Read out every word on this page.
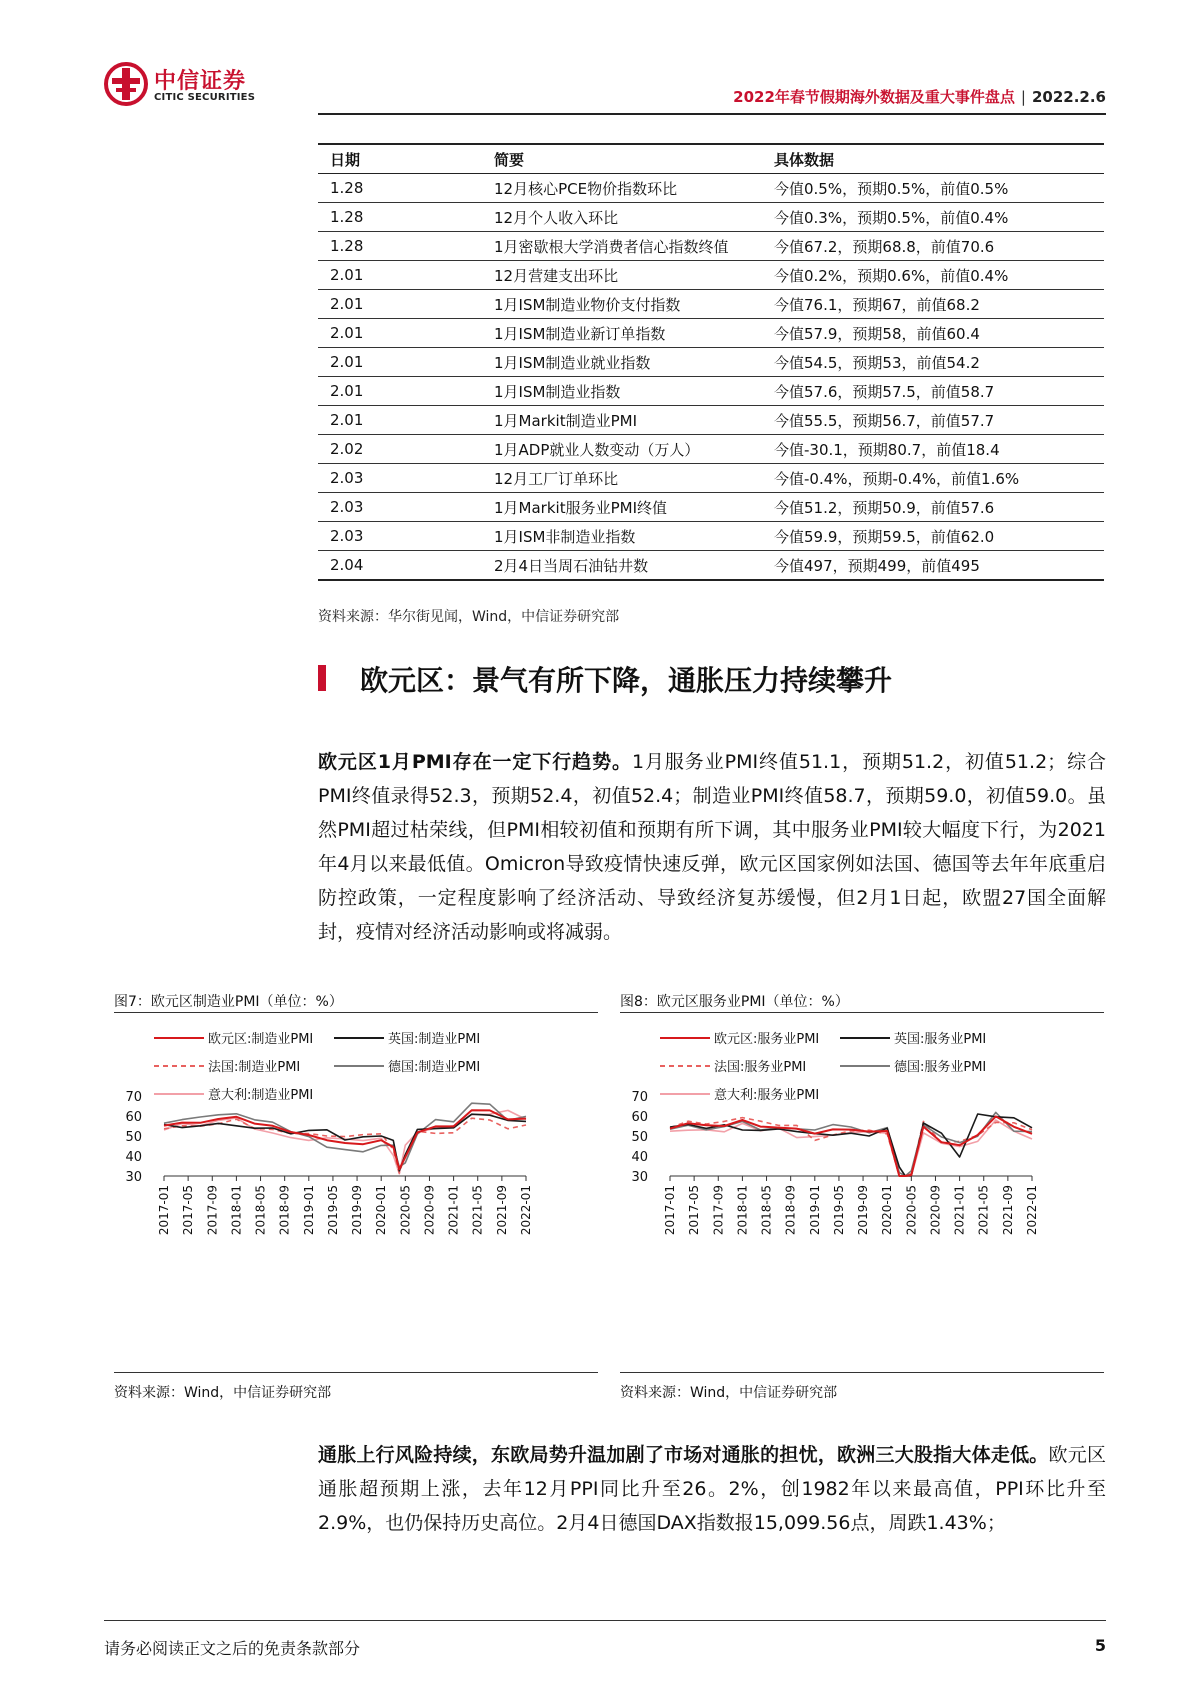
中信证券
CITIC SECURITIES	2022年春节假期海外数据及重大事件盘点 | 2022.2.6
日期	简要	具体数据
1.28	12月核心PCE物价指数环比	今值0.5%，预期0.5%，前值0.5%
1.28	12月个人收入环比	今值0.3%，预期0.5%，前值0.4%
1.28	1月密歇根大学消费者信心指数终值	今值67.2，预期68.8，前值70.6
2.01	12月营建支出环比	今值0.2%，预期0.6%，前值0.4%
2.01	1月ISM制造业物价支付指数	今值76.1，预期67，前值68.2
2.01	1月ISM制造业新订单指数	今值57.9，预期58，前值60.4
2.01	1月ISM制造业就业指数	今值54.5，预期53，前值54.2
2.01	1月ISM制造业指数	今值57.6，预期57.5，前值58.7
2.01	1月Markit制造业PMI	今值55.5，预期56.7，前值57.7
2.02	1月ADP就业人数变动（万人）	今值-30.1，预期80.7，前值18.4
2.03	12月工厂订单环比	今值-0.4%，预期-0.4%，前值1.6%
2.03	1月Markit服务业PMI终值	今值51.2，预期50.9，前值57.6
2.03	1月ISM非制造业指数	今值59.9，预期59.5，前值62.0
2.04	2月4日当周石油钻井数	今值497，预期499，前值495
资料来源：华尔街见闻，Wind，中信证券研究部
欧元区：景气有所下降，通胀压力持续攀升
欧元区1月PMI存在一定下行趋势。1月服务业PMI终值51.1，预期51.2，初值51.2；综合PMI终值录得52.3，预期52.4，初值52.4；制造业PMI终值58.7，预期59.0，初值59.0。虽然PMI超过枯荣线，但PMI相较初值和预期有所下调，其中服务业PMI较大幅度下行，为2021年4月以来最低值。Omicron导致疫情快速反弹，欧元区国家例如法国、德国等去年年底重启防控政策，一定程度影响了经济活动、导致经济复苏缓慢，但2月1日起，欧盟27国全面解封，疫情对经济活动影响或将减弱。
图7：欧元区制造业PMI（单位：%）
欧元区:制造业PMI	英国:制造业PMI
法国:制造业PMI	德国:制造业PMI
意大利:制造业PMI
30
40
50
60
70
2017-01 2017-05 2017-09 2018-01 2018-05 2018-09 2019-01 2019-05 2019-09 2020-01 2020-05 2020-09 2021-01 2021-05 2021-09 2022-01
资料来源：Wind，中信证券研究部
图8：欧元区服务业PMI（单位：%）
欧元区:服务业PMI	英国:服务业PMI
法国:服务业PMI	德国:服务业PMI
意大利:服务业PMI
30
40
50
60
70
2017-01 2017-05 2017-09 2018-01 2018-05 2018-09 2019-01 2019-05 2019-09 2020-01 2020-05 2020-09 2021-01 2021-05 2021-09 2022-01
资料来源：Wind，中信证券研究部
通胀上行风险持续，东欧局势升温加剧了市场对通胀的担忧，欧洲三大股指大体走低。欧元区通胀超预期上涨，去年12月PPI同比升至26。2%，创1982年以来最高值，PPI环比升至2.9%，也仍保持历史高位。2月4日德国DAX指数报15,099.56点，周跌1.43%；
请务必阅读正文之后的免责条款部分	5
